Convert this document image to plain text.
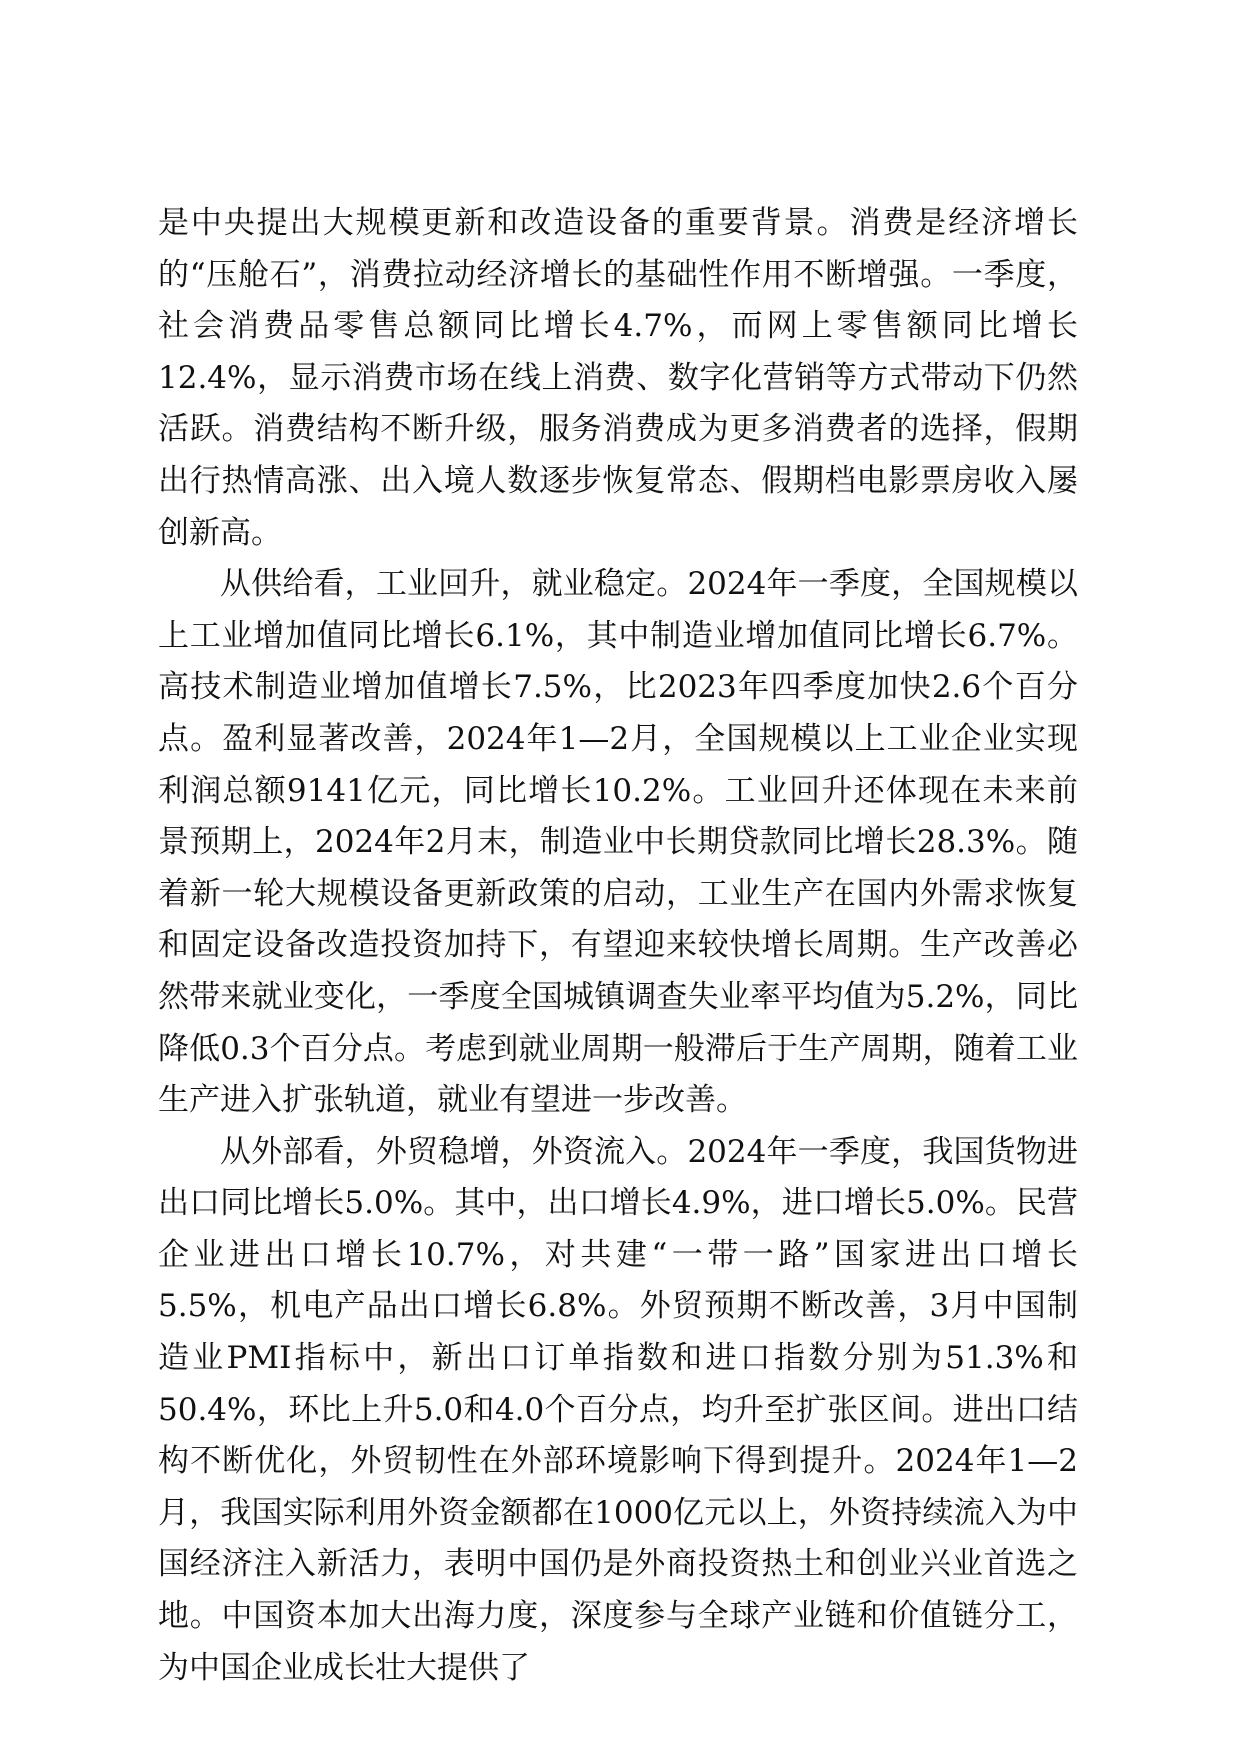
是中央提出大规模更新和改造设备的重要背景。消费是经济增长的“压舱石”，消费拉动经济增长的基础性作用不断增强。一季度，社会消费品零售总额同比增长4.7%，而网上零售额同比增长12.4%，显示消费市场在线上消费、数字化营销等方式带动下仍然活跃。消费结构不断升级，服务消费成为更多消费者的选择，假期出行热情高涨、出入境人数逐步恢复常态、假期档电影票房收入屡创新高。

从供给看，工业回升，就业稳定。2024年一季度，全国规模以上工业增加值同比增长6.1%，其中制造业增加值同比增长6.7%。高技术制造业增加值增长7.5%，比2023年四季度加快2.6个百分点。盈利显著改善，2024年1—2月，全国规模以上工业企业实现利润总额9141亿元，同比增长10.2%。工业回升还体现在未来前景预期上，2024年2月末，制造业中长期贷款同比增长28.3%。随着新一轮大规模设备更新政策的启动，工业生产在国内外需求恢复和固定设备改造投资加持下，有望迎来较快增长周期。生产改善必然带来就业变化，一季度全国城镇调查失业率平均值为5.2%，同比降低0.3个百分点。考虑到就业周期一般滞后于生产周期，随着工业生产进入扩张轨道，就业有望进一步改善。

从外部看，外贸稳增，外资流入。2024年一季度，我国货物进出口同比增长5.0%。其中，出口增长4.9%，进口增长5.0%。民营企业进出口增长10.7%，对共建“一带一路”国家进出口增长5.5%，机电产品出口增长6.8%。外贸预期不断改善，3月中国制造业PMI指标中，新出口订单指数和进口指数分别为51.3%和50.4%，环比上升5.0和4.0个百分点，均升至扩张区间。进出口结构不断优化，外贸韧性在外部环境影响下得到提升。2024年1—2月，我国实际利用外资金额都在1000亿元以上，外资持续流入为中国经济注入新活力，表明中国仍是外商投资热土和创业兴业首选之地。中国资本加大出海力度，深度参与全球产业链和价值链分工，为中国企业成长壮大提供了
